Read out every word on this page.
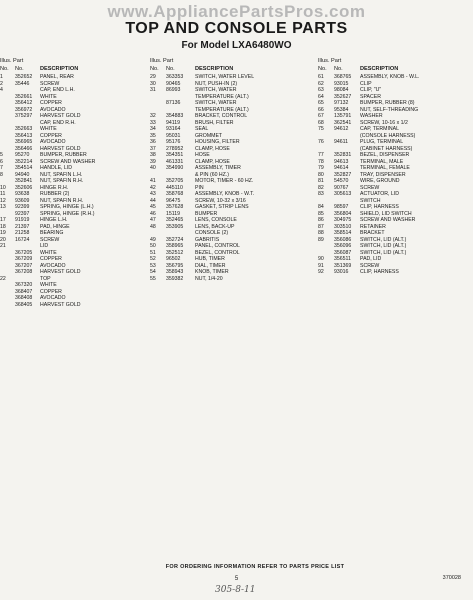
www.AppliancePartsPros.com
TOP AND CONSOLE PARTS
For Model LXA6480WO
Illus. Part
No. No.	DESCRIPTION
1 352652 PANEL, REAR
2 35446 SCREW
4	CAP, END L.H.
352661 WHITE
356412 COPPER
356972 AVOCADO
375297 HARVEST GOLD
CAP, END R.H.
352663 WHITE
356413 COPPER
356965 AVOCADO
356466 HARVEST GOLD
5 95270 BUMPER, RUBBER
6 352214 SCREW AND WASHER
7 354514 HANDLE, LID
8 94940 NUT, SPAFIN L.H.
352841 NUT, SPAFIN R.H.
10 352606 HINGE R.H.
11 93638 RUBBER (2)
12 93609 NUT, SPAFIN R.H.
13 92399 SPRING, HINGE (L.H.)
92397 SPRING, HINGE (R.H.)
17 91919 HINGE L.H.
18 21397 PAD, HINGE
19 21258 BEARING
20 16724 SCREW
21	LID
367205 WHITE
367209 COPPER
367207 AVOCADO
367208 HARVEST GOLD
22	TOP
367320 WHITE
368407 COPPER
368408 AVOCADO
368405 HARVEST GOLD
Illus. Part
No. No.	DESCRIPTION
29 363353 SWITCH, WATER LEVEL
30 90465	NUT, PUSH-IN (2)
31 86993	SWITCH, WATER
TEMPERATURE (ALT.)
87136	SWITCH, WATER
TEMPERATURE (ALT.)
32 354883 BRACKET, CONTROL
33 94119	BRUSH, FILTER
34 93164	SEAL
35 95031	GROMMET
36 95176	HOUSING, FILTER
37 278952 CLAMP, HOSE
38 354351 HOSE
39 461331 CLAMP, HOSE
40 354990 ASSEMBLY, TIMER
& PIN (60 HZ.)
41 352705 MOTOR, TIMER - 60 HZ.
42 445110 PIN
43 358768 ASSEMBLY, KNOB - W.T.
44 96475	SCREW, 10-32 x 3/16
45 357628 GASKET, STRIP LENS
46 15119	BUMPER
47 352465 LENS, CONSOLE
48 353905 LENS, BACK-UP
CONSOLE (2)
49 352724 GABRITIS
50 358965 PANEL, CONTROL
51 352512 BEZEL, CONTROL
52 96502	HUB, TIMER
53 356795 DIAL, TIMER
54 358943 KNOB, TIMER
55 359382 NUT, 1/4-20
Illus. Part
No. No.	DESCRIPTION
61 368765 ASSEMBLY, KNOB - W.L.
62 93015 CLIP
63 98084 CLIP, "U"
64 352627 SPACER
65 97132 BUMPER, RUBBER (8)
66 95384 NUT, SELF-THREADING
67 135791 WASHER
68 362541 SCREW, 10-16 x 1/2
75 94612 CAP, TERMINAL
(CONSOLE HARNESS)
76 94611 PLUG, TERMINAL
(CABINET HARNESS)
77 352831 BEZEL, DISPENSER
78 94613 TERMINAL, MALE
79 94614 TERMINAL, FEMALE
80 352827 TRAY, DISPENSER
81 54570 WIRE, GROUND
82 90767 SCREW
83 305613 ACTUATOR, LID
SWITCH
84 98597 CLIP, HARNESS
85 356804 SHIELD, LID SWITCH
86 304975 SCREW AND WASHER
87 303510 RETAINER
88 358514 BRACKET
89 356086 SWITCH, LID (ALT.)
356096 SWITCH, LID (ALT.)
356087 SWITCH, LID (ALT.)
90 356511 PAD, LID
91 351369 SCREW
92 93016 CLIP, HARNESS
FOR ORDERING INFORMATION REFER TO PARTS PRICE LIST
5	370028
305-8-11
